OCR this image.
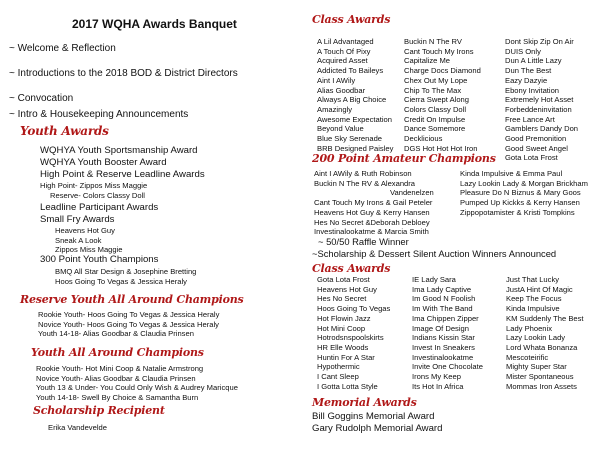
2017 WQHA Awards Banquet
~ Welcome & Reflection
~ Introductions to the 2018 BOD & District Directors
~ Convocation
~ Intro & Housekeeping Announcements
Youth Awards
WQHYA Youth Sportsmanship Award
WQHYA Youth Booster Award
High Point & Reserve Leadline Awards
High Point- Zippos Miss Maggie
Reserve- Colors Classy Doll
Leadline Participant Awards
Small Fry Awards
Heavens Hot Guy
Sneak A Look
Zippos Miss Maggie
300 Point Youth Champions
BMQ All Star Design & Josephine Bretting
Hoos Going To Vegas & Jessica Heraly
Reserve Youth All Around Champions
Rookie Youth- Hoos Going To Vegas & Jessica Heraly
Novice Youth- Hoos Going To Vegas & Jessica Heraly
Youth 14-18- Alias Goodbar & Claudia Prinsen
Youth All Around Champions
Rookie Youth- Hot Mini Coop & Natalie Armstrong
Novice Youth- Alias Goodbar & Claudia Prinsen
Youth 13 & Under- You Could Only Wish & Audrey Maricque
Youth 14-18- Swell By Choice & Samantha Burn
Scholarship Recipient
Erika Vandevelde
Class Awards
A Lil Advantaged
A Touch Of Pixy
Acquired Asset
Addicted To Baileys
Aint I AWily
Alias Goodbar
Always A Big Choice
Amazingly
Awesome Expectation
Beyond Value
Blue Sky Serenade
BRB Designed Paisley
Buckin N The RV
Cant Touch My Irons
Capitalize Me
Charge Docs Diamond
Chex Out My Lope
Chip To The Max
Cierra Swept Along
Colors Classy Doll
Credit On Impulse
Dance Somemore
Decklicious
DGS Hot Hot Hot Iron
Dont Skip Zip On Air
DUIS Only
Dun A Little Lazy
Dun The Best
Eazy Dazyie
Ebony Invitation
Extremely Hot Asset
Forbeddeninvitation
Free Lance Art
Gamblers Dandy Don
Good Premonition
Good Sweet Angel
Gota Lota Frost
200 Point Amateur Champions
Aint I AWily & Ruth Robinson
Buckin N The RV & Alexandra
Vandenelzen
Cant Touch My Irons & Gail Peteler
Heavens Hot Guy & Kerry Hansen
Hes No Secret &Deborah Debloey
Investinalookatme & Marcia Smith
Kinda Impulsive & Emma Paul
Lazy Lookin Lady & Morgan Brickham
Pleasure Do N Biznus & Mary Goos
Pumped Up Kickks & Kerry Hansen
Zippopotamister & Kristi Tompkins
~ 50/50 Raffle Winner
~Scholarship & Dessert Silent Auction Winners Announced
Class Awards
Gota Lota Frost
Heavens Hot Guy
Hes No Secret
Hoos Going To Vegas
Hot Flowin Jazz
Hot Mini Coop
Hotrodsnspoolskirts
HR Elle Woods
Huntin For A Star
Hypothermic
I Cant Sleep
I Gotta Lotta Style
IE Lady Sara
Ima Lady Captive
Im Good N Foolish
Im With The Band
Ima Chippen Zipper
Image Of Design
Indians Kissin Star
Invest In Sneakers
Investinalookatme
Invite One Chocolate
Irons My Keep
Its Hot In Africa
Just That Lucky
JustA Hint Of Magic
Keep The Focus
Kinda Impulsive
KM Suddenly The Best
Lady Phoenix
Lazy Lookin Lady
Lord Whata Bonanza
Mescoteirific
Mighty Super Star
Mister Spontaneous
Mommas Iron Assets
Memorial Awards
Bill Goggins Memorial Award
Gary Rudolph Memorial Award
